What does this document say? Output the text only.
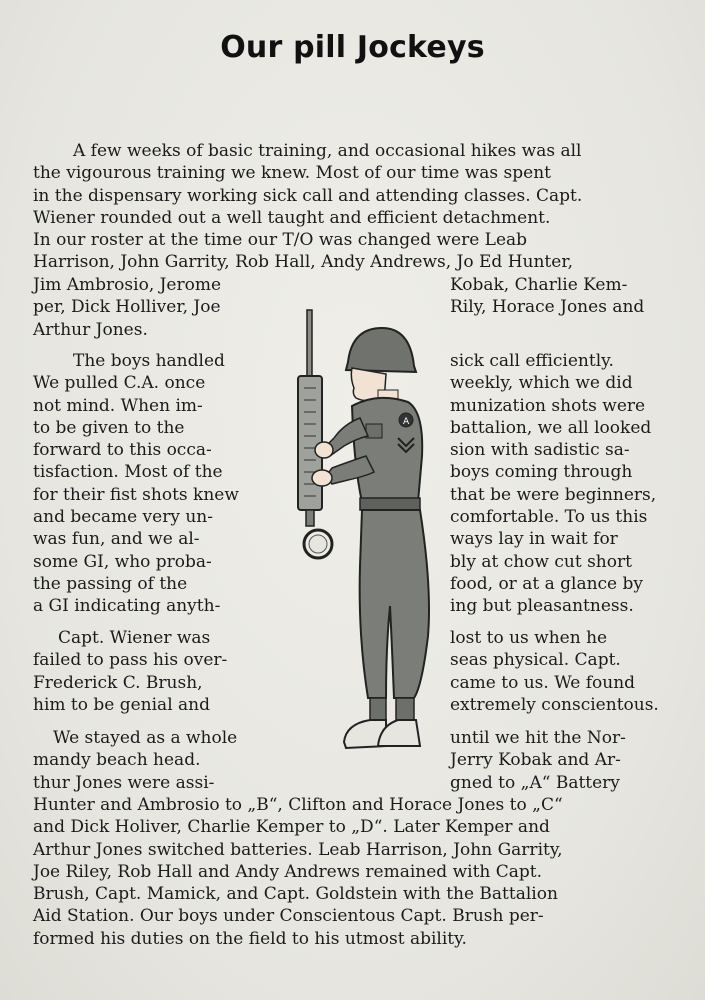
Our pill Jockeys
A few weeks of basic training, and occasional hikes was all
the vigourous training we knew. Most of our time was spent
in the dispensary working sick call and attending classes. Capt.
Wiener rounded out a well taught and efficient detachment.
In our roster at the time our T/O was changed were Leab
Harrison, John Garrity, Rob Hall, Andy Andrews, Jo Ed Hunter,
Jim Ambrosio, Jerome
per, Dick Holliver, Joe
Arthur Jones.
The boys handled
We pulled C.A. once
not mind. When im-
to be given to the
forward to this occa-
tisfaction. Most of the
for their fist shots knew
and became very un-
was fun, and we al-
some GI, who proba-
the passing of the
a GI indicating anyth-
Capt. Wiener was
failed to pass his over-
Frederick C. Brush,
him to be genial and
We stayed as a whole
mandy beach head.
thur Jones were assi-
Kobak, Charlie Kem-
Rily, Horace Jones and
sick call efficiently.
weekly, which we did
munization shots were
battalion, we all looked
sion with sadistic sa-
boys coming through
that be were beginners,
comfortable. To us this
ways lay in wait for
bly at chow cut short
food, or at a glance by
ing but pleasantness.
lost to us when he
seas physical. Capt.
came to us. We found
extremely conscientous.
until we hit the Nor-
Jerry Kobak and Ar-
gned to „A“ Battery
A
Hunter and Ambrosio to „B“, Clifton and Horace Jones to „C“
and Dick Holiver, Charlie Kemper to „D“. Later Kemper and
Arthur Jones switched batteries. Leab Harrison, John Garrity,
Joe Riley, Rob Hall and Andy Andrews remained with Capt.
Brush, Capt. Mamick, and Capt. Goldstein with the Battalion
Aid Station. Our boys under Conscientous Capt. Brush per-
formed his duties on the field to his utmost ability.
